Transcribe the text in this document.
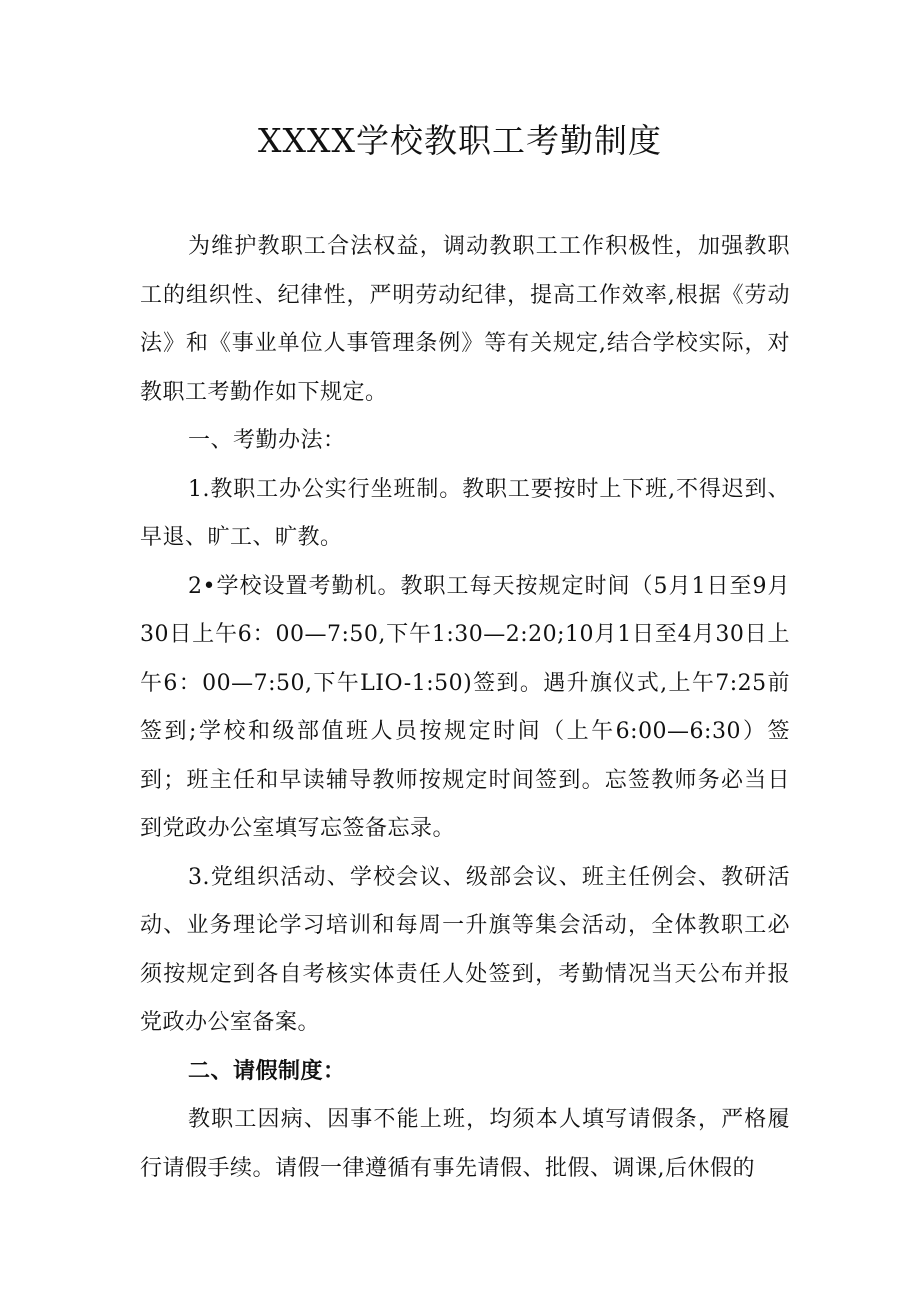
XXXX学校教职工考勤制度

为维护教职工合法权益，调动教职工工作积极性，加强教职工的组织性、纪律性，严明劳动纪律，提高工作效率,根据《劳动法》和《事业单位人事管理条例》等有关规定,结合学校实际，对教职工考勤作如下规定。

一、考勤办法：

1.教职工办公实行坐班制。教职工要按时上下班,不得迟到、早退、旷工、旷教。

2•学校设置考勤机。教职工每天按规定时间（5月1日至9月30日上午6：00—7:50,下午1:30—2:20;10月1日至4月30日上午6：00—7:50,下午LIO-1:50)签到。遇升旗仪式,上午7:25前签到;学校和级部值班人员按规定时间（上午6:00—6:30）签到；班主任和早读辅导教师按规定时间签到。忘签教师务必当日到党政办公室填写忘签备忘录。

3.党组织活动、学校会议、级部会议、班主任例会、教研活动、业务理论学习培训和每周一升旗等集会活动，全体教职工必须按规定到各自考核实体责任人处签到，考勤情况当天公布并报党政办公室备案。

二、请假制度：

教职工因病、因事不能上班，均须本人填写请假条，严格履行请假手续。请假一律遵循有事先请假、批假、调课,后休假的
